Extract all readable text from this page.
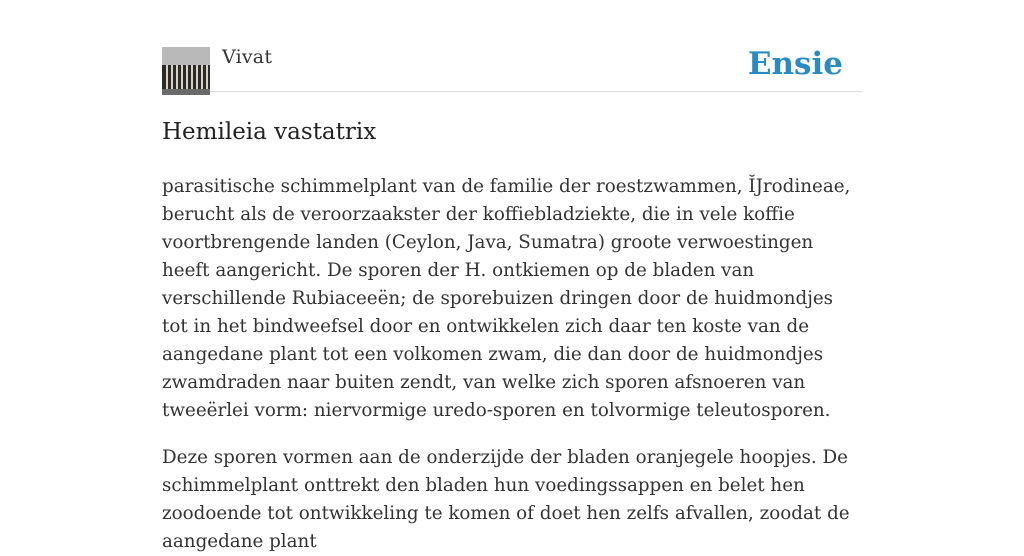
Vivat	Ensie
Hemileia vastatrix

parasitische schimmelplant van de familie der roestzwammen, ĬJrodineae, berucht als de veroorzaakster der koffiebladziekte, die in vele koffie voortbrengende landen (Ceylon, Java, Sumatra) groote verwoestingen heeft aangericht. De sporen der H. ontkiemen op de bladen van verschillende Rubiaceeën; de sporebuizen dringen door de huidmondjes tot in het bindweefsel door en ontwikkelen zich daar ten koste van de aangedane plant tot een volkomen zwam, die dan door de huidmondjes zwamdraden naar buiten zendt, van welke zich sporen afsnoeren van tweeërlei vorm: niervormige uredo-sporen en tolvormige teleutosporen.

Deze sporen vormen aan de onderzijde der bladen oranjegele hoopjes. De schimmelplant onttrekt den bladen hun voedingssappen en belet hen zoodoende tot ontwikkeling te komen of doet hen zelfs afvallen, zoodat de aangedane plant
